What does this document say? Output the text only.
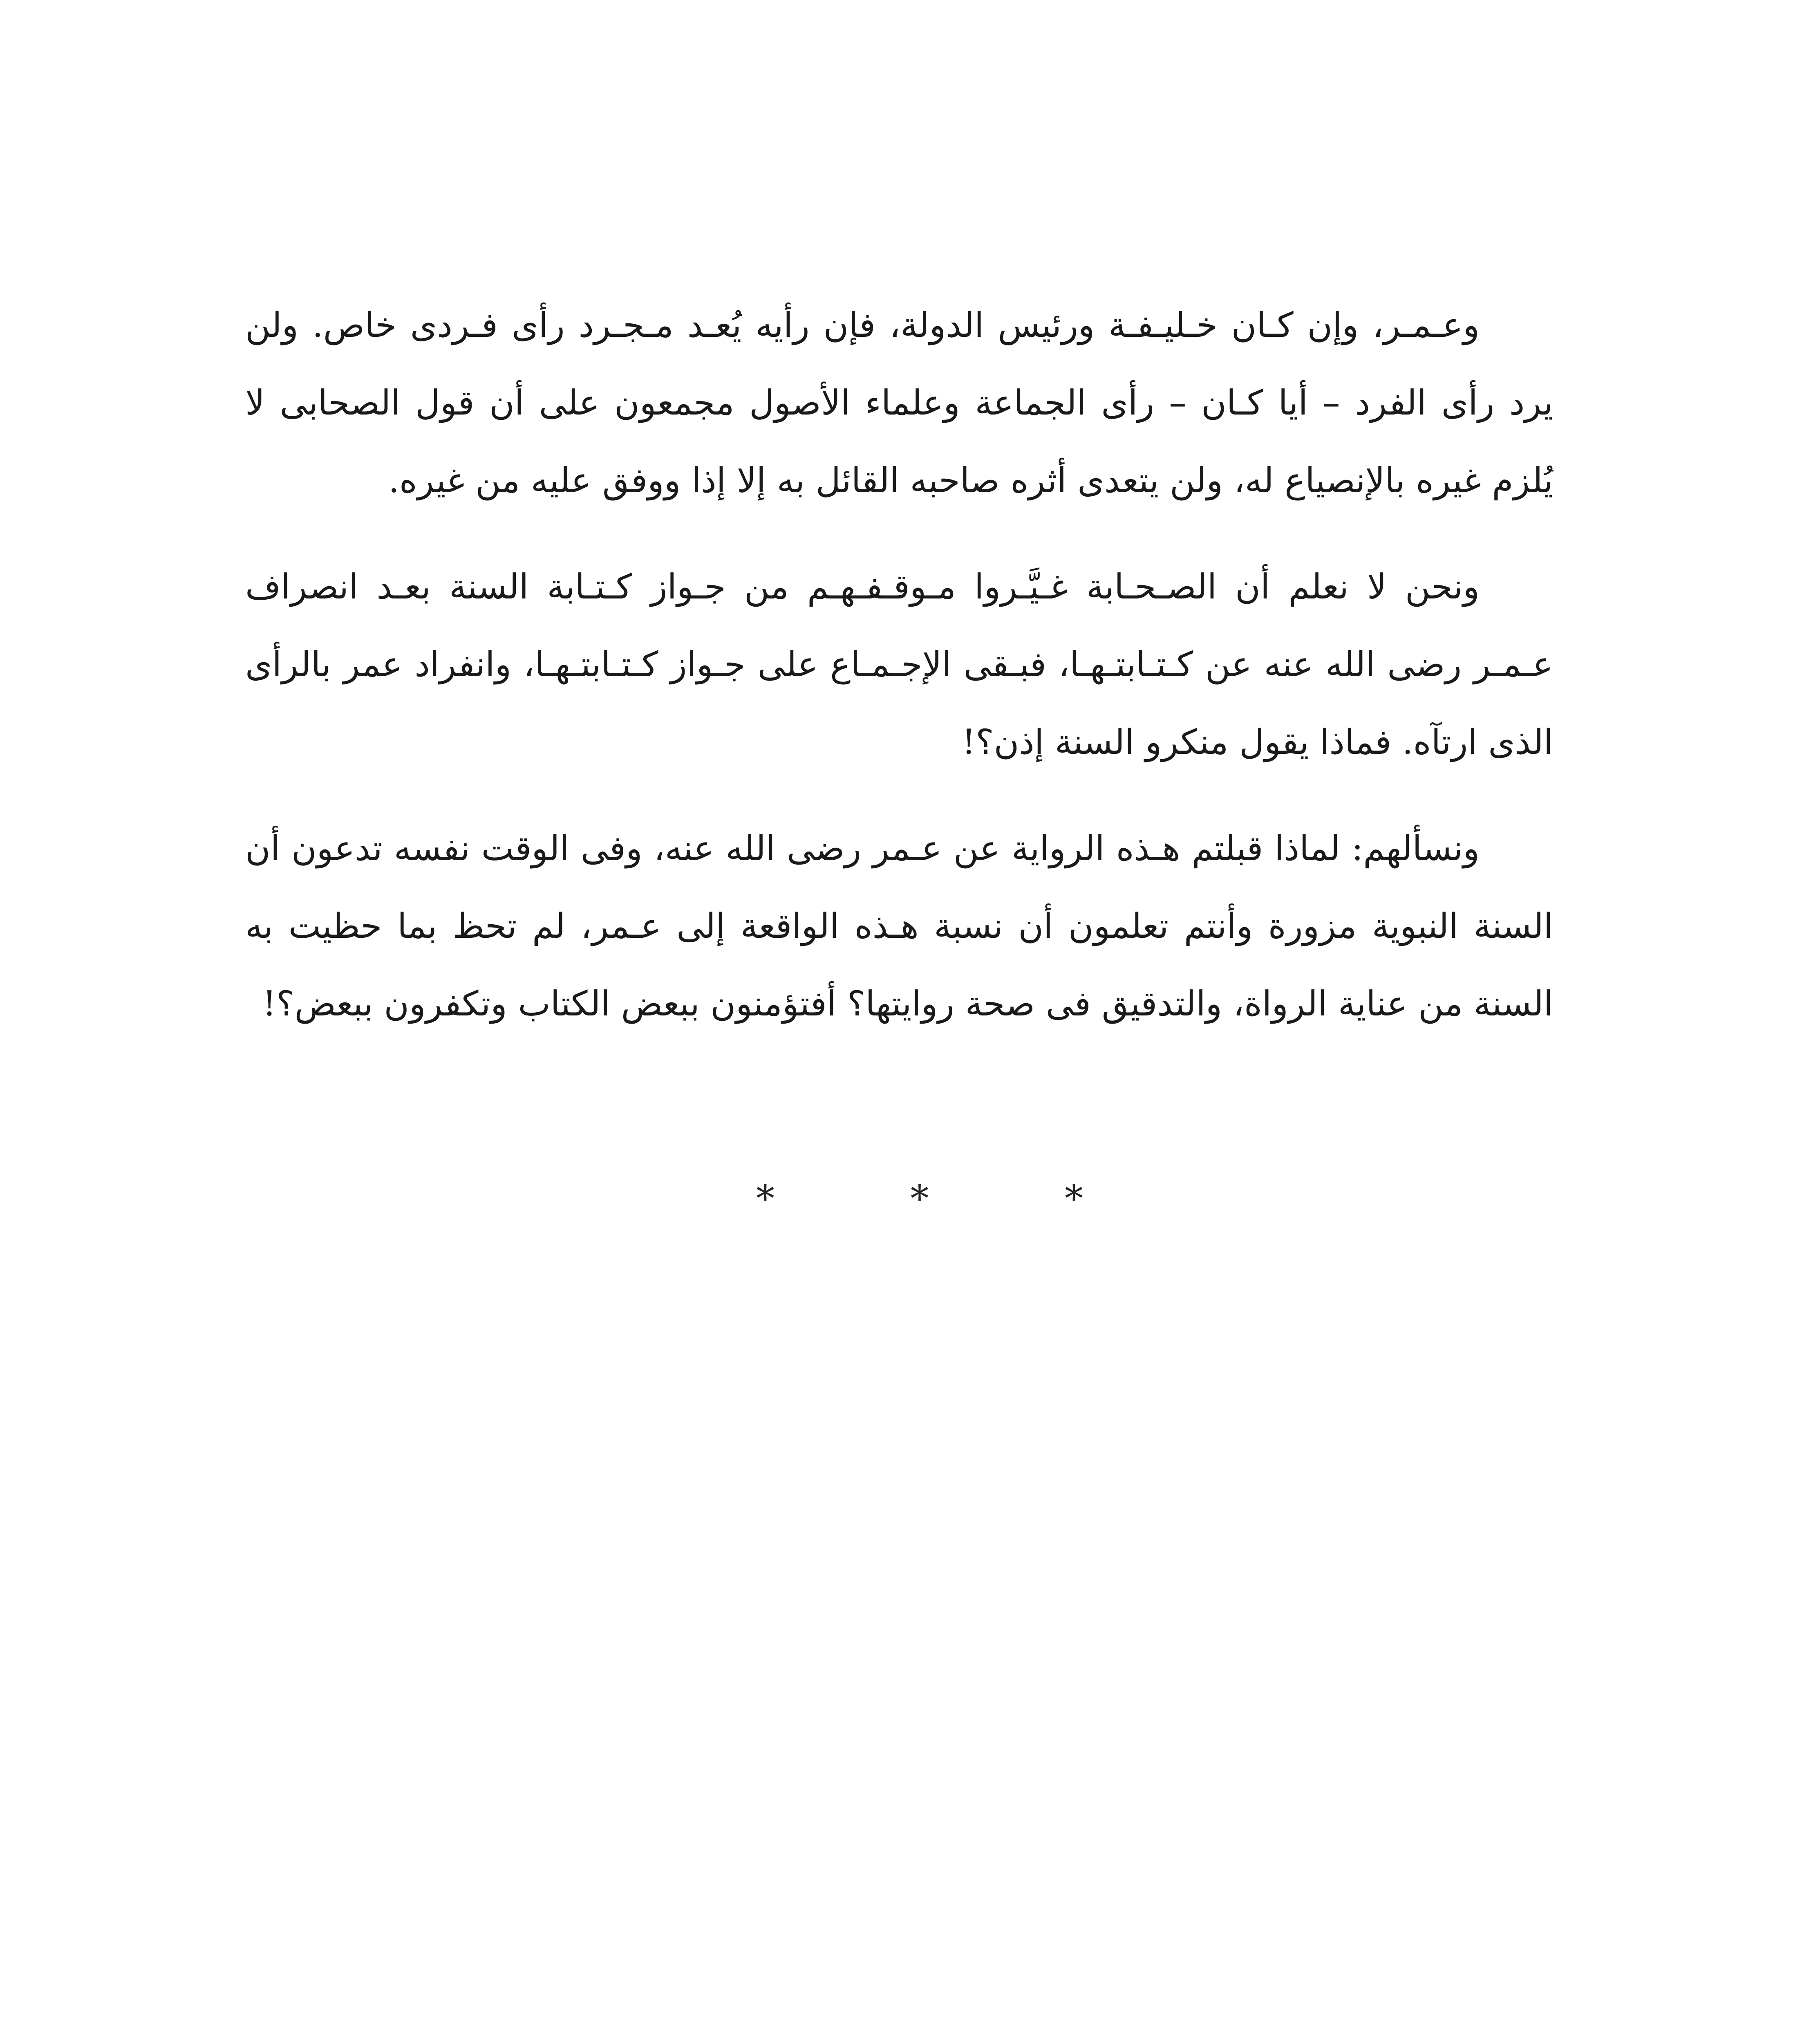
وعـمـر، وإن كـان خـليـفـة ورئيس الدولة، فإن رأيه يُعـد مـجـرد رأى فـردى خاص. ولن يرد رأى الفرد – أيا كـان – رأى الجماعة وعلماء الأصول مجمعون على أن قول الصحابى لا يُلزم غيره بالإنصياع له، ولن يتعدى أثره صاحبه القائل به إلا إذا ووفق عليه من غيره.

ونحن لا نعلم أن الصـحـابة غـيَّـروا مـوقـفـهـم من جـواز كـتـابة السنة بعـد انصراف عـمـر رضى الله عنه عن كـتـابتـهـا، فبـقى الإجـمـاع على جـواز كـتـابتـهـا، وانفراد عمر بالرأى الذى ارتآه. فماذا يقول منكرو السنة إذن؟!

ونسألهم: لماذا قبلتم هـذه الرواية عن عـمر رضى الله عنه، وفى الوقت نفسه تدعون أن السنة النبوية مزورة وأنتم تعلمون أن نسبة هـذه الواقعة إلى عـمر، لم تحظ بما حظيت به السنة من عناية الرواة، والتدقيق فى صحة روايتها؟ أفتؤمنون ببعض الكتاب وتكفرون ببعض؟!

*	*	*
